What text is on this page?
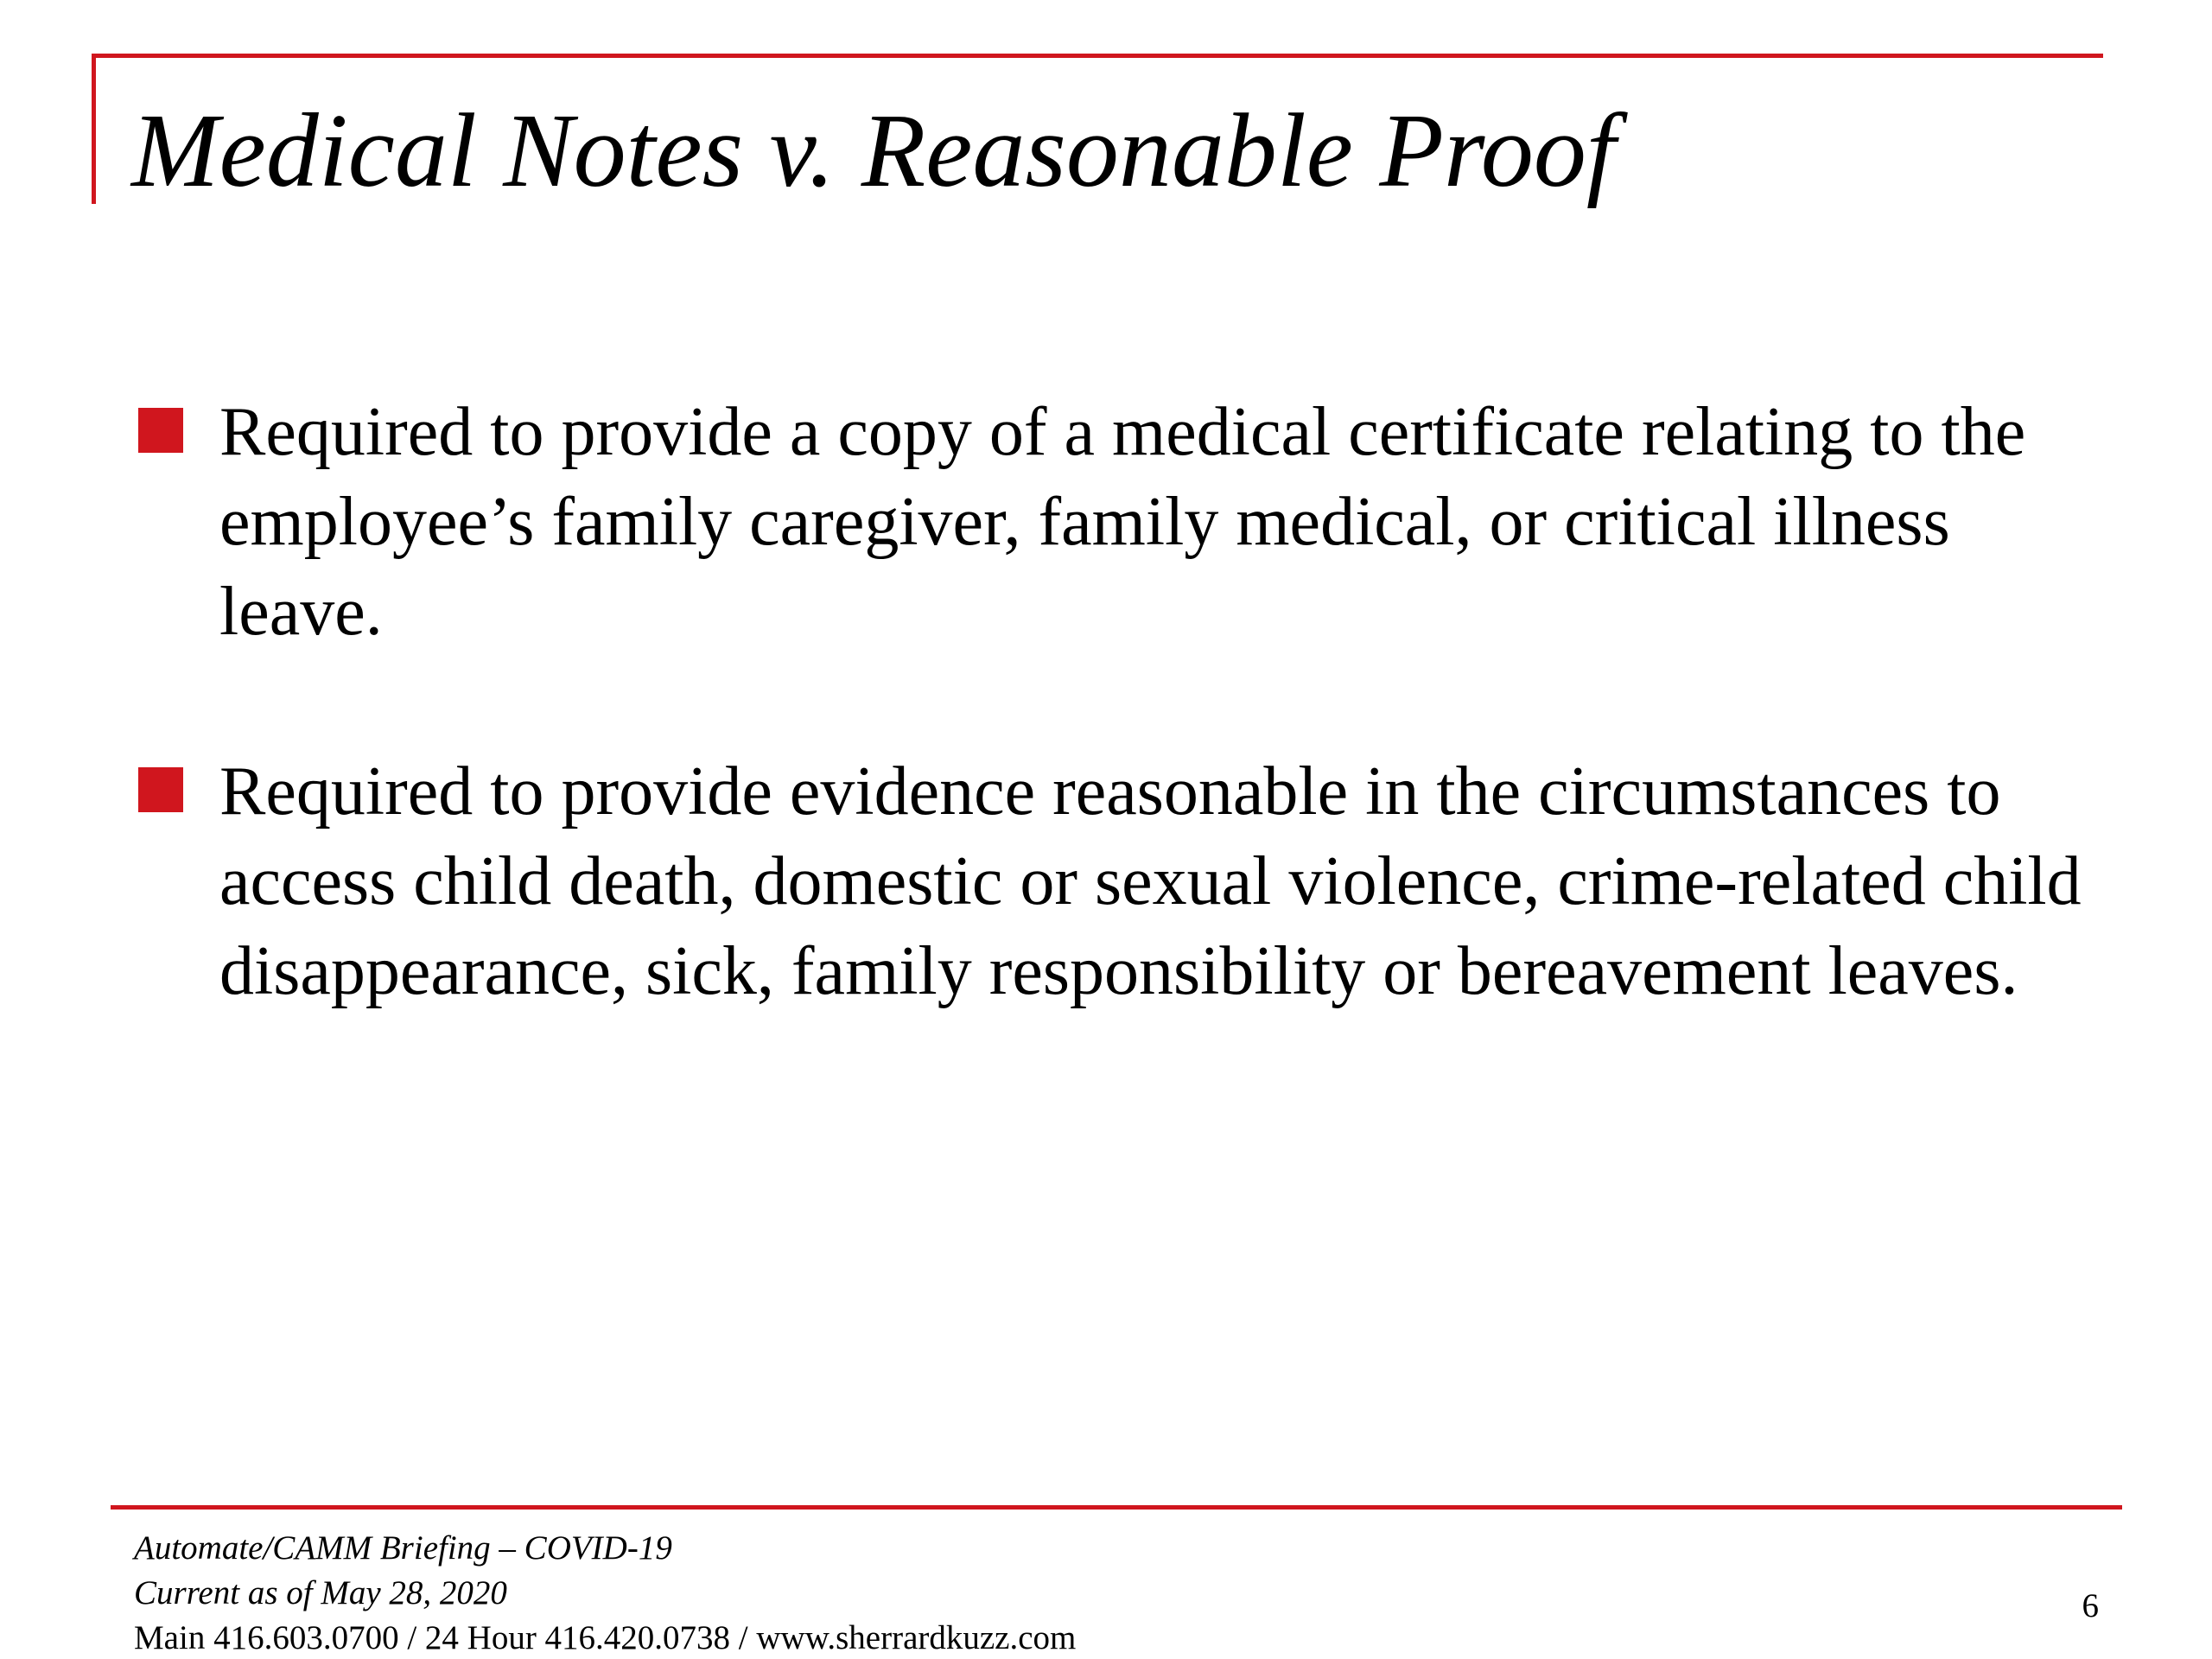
Medical Notes v. Reasonable Proof
Required to provide a copy of a medical certificate relating to the employee’s family caregiver, family medical, or critical illness leave.
Required to provide evidence reasonable in the circumstances to access child death, domestic or sexual violence, crime-related child disappearance, sick, family responsibility or bereavement leaves.

Automate/CAMM Briefing – COVID-19

Current as of May 28, 2020

Main 416.603.0700 / 24 Hour 416.420.0738 / www.sherrardkuzz.com

6
